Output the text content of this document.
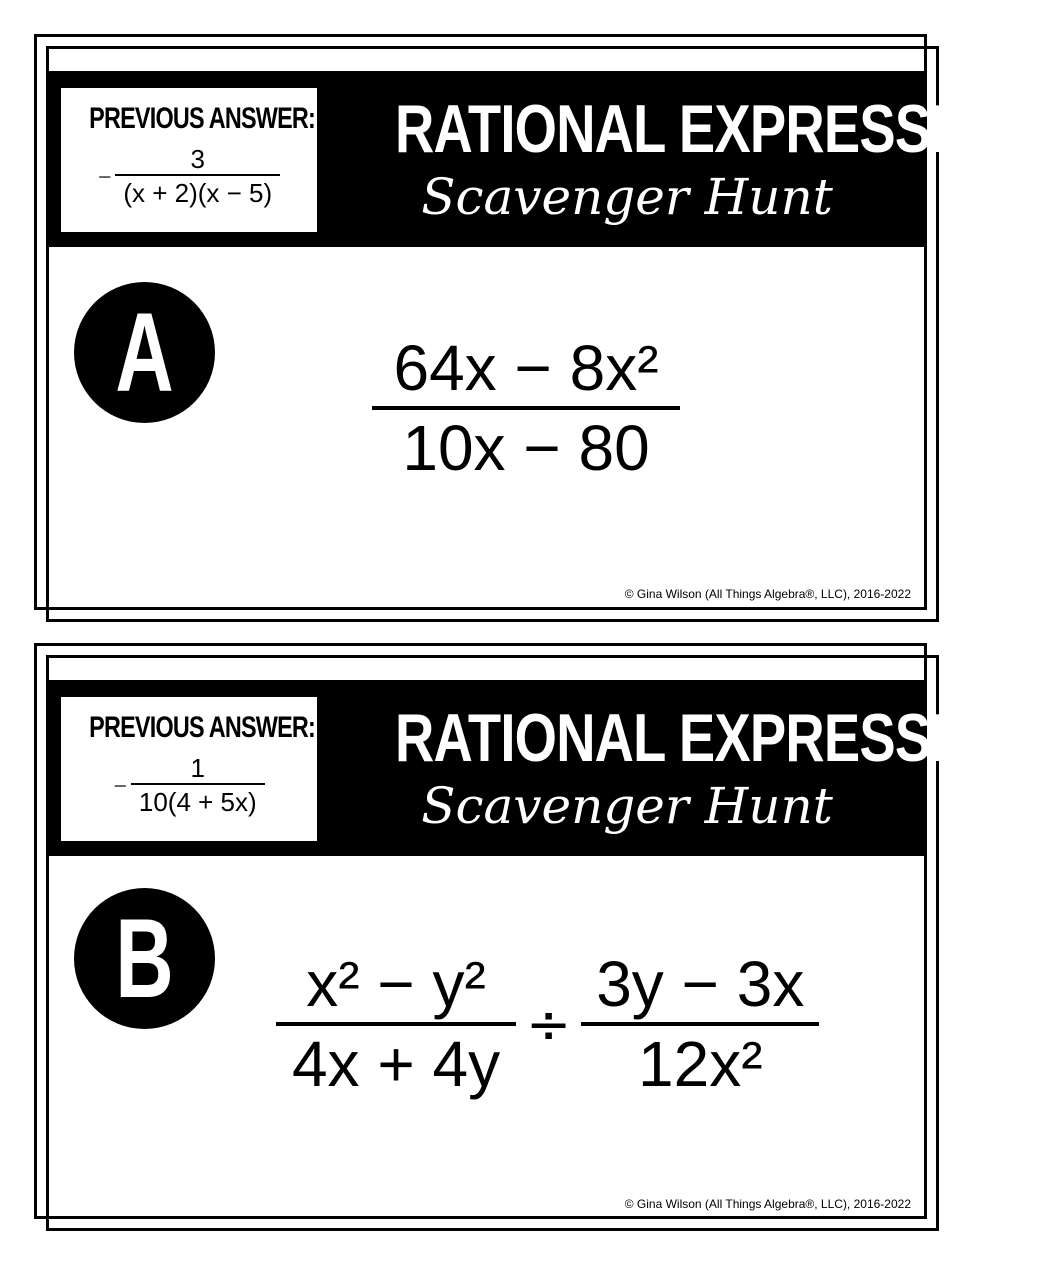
PREVIOUS ANSWER:
− $\frac{3}{(x + 2)(x - 5)}$
RATIONAL EXPRESSIONS
Scavenger Hunt
A	$\frac{\text{64x − 8x²}}{10x - 80}$
© Gina Wilson (All Things Algebra®, LLC), 2016-2022
PREVIOUS ANSWER:
− $\frac{1}{10(4 + 5x)}$
RATIONAL EXPRESSIONS
Scavenger Hunt
B $\frac{\text{x² − y²}}{4x + 4y} \div \frac{3y - 3x}{\text{12x²}}$
© Gina Wilson (All Things Algebra®, LLC), 2016-2022
